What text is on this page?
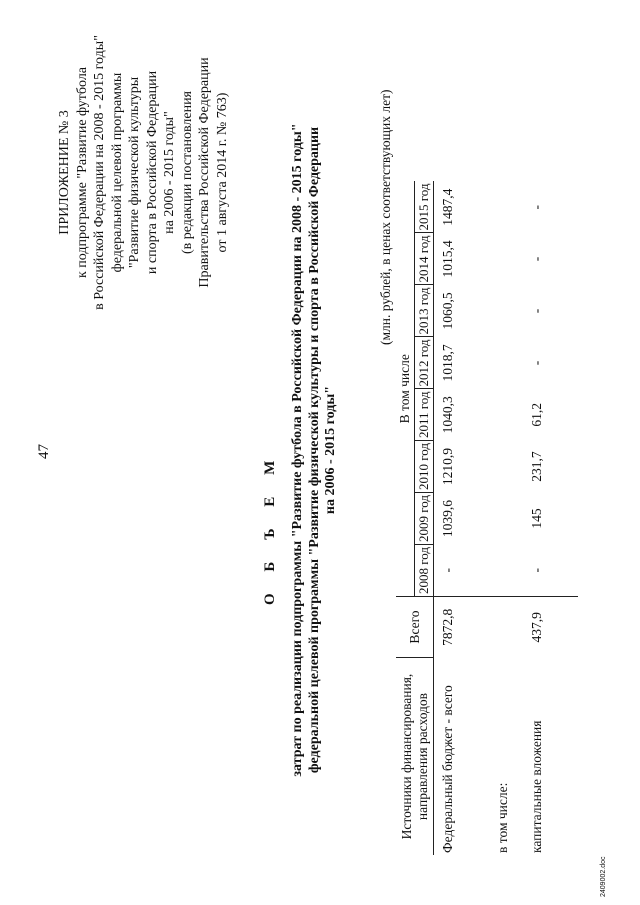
47
ПРИЛОЖЕНИЕ № 3 к подпрограмме "Развитие футбола в Российской Федерации на 2008 - 2015 годы" федеральной целевой программы "Развитие физической культуры и спорта в Российской Федерации на 2006 - 2015 годы" (в редакции постановления Правительства Российской Федерации от 1 августа 2014 г. № 763)
О Б Ъ Е М затрат по реализации подпрограммы "Развитие футбола в Российской Федерации на 2008 - 2015 годы" федеральной целевой программы "Развитие физической культуры и спорта в Российской Федерации на 2006 - 2015 годы"
(млн. рублей, в ценах соответствующих лет)
Источники финансирования, направления расходов	Всего	В том числе							
		2008 год	2009 год	2010 год	2011 год	2012 год	2013 год	2014 год	2015 год
Федеральный бюджет - всего	7872,8	-	1039,6	1210,9	1040,3	1018,7	1060,5	1015,4	1487,4
в том числе:									
капитальные вложения	437,9	-	145	231,7	61,2	-	-	-	-
2409002.doc
